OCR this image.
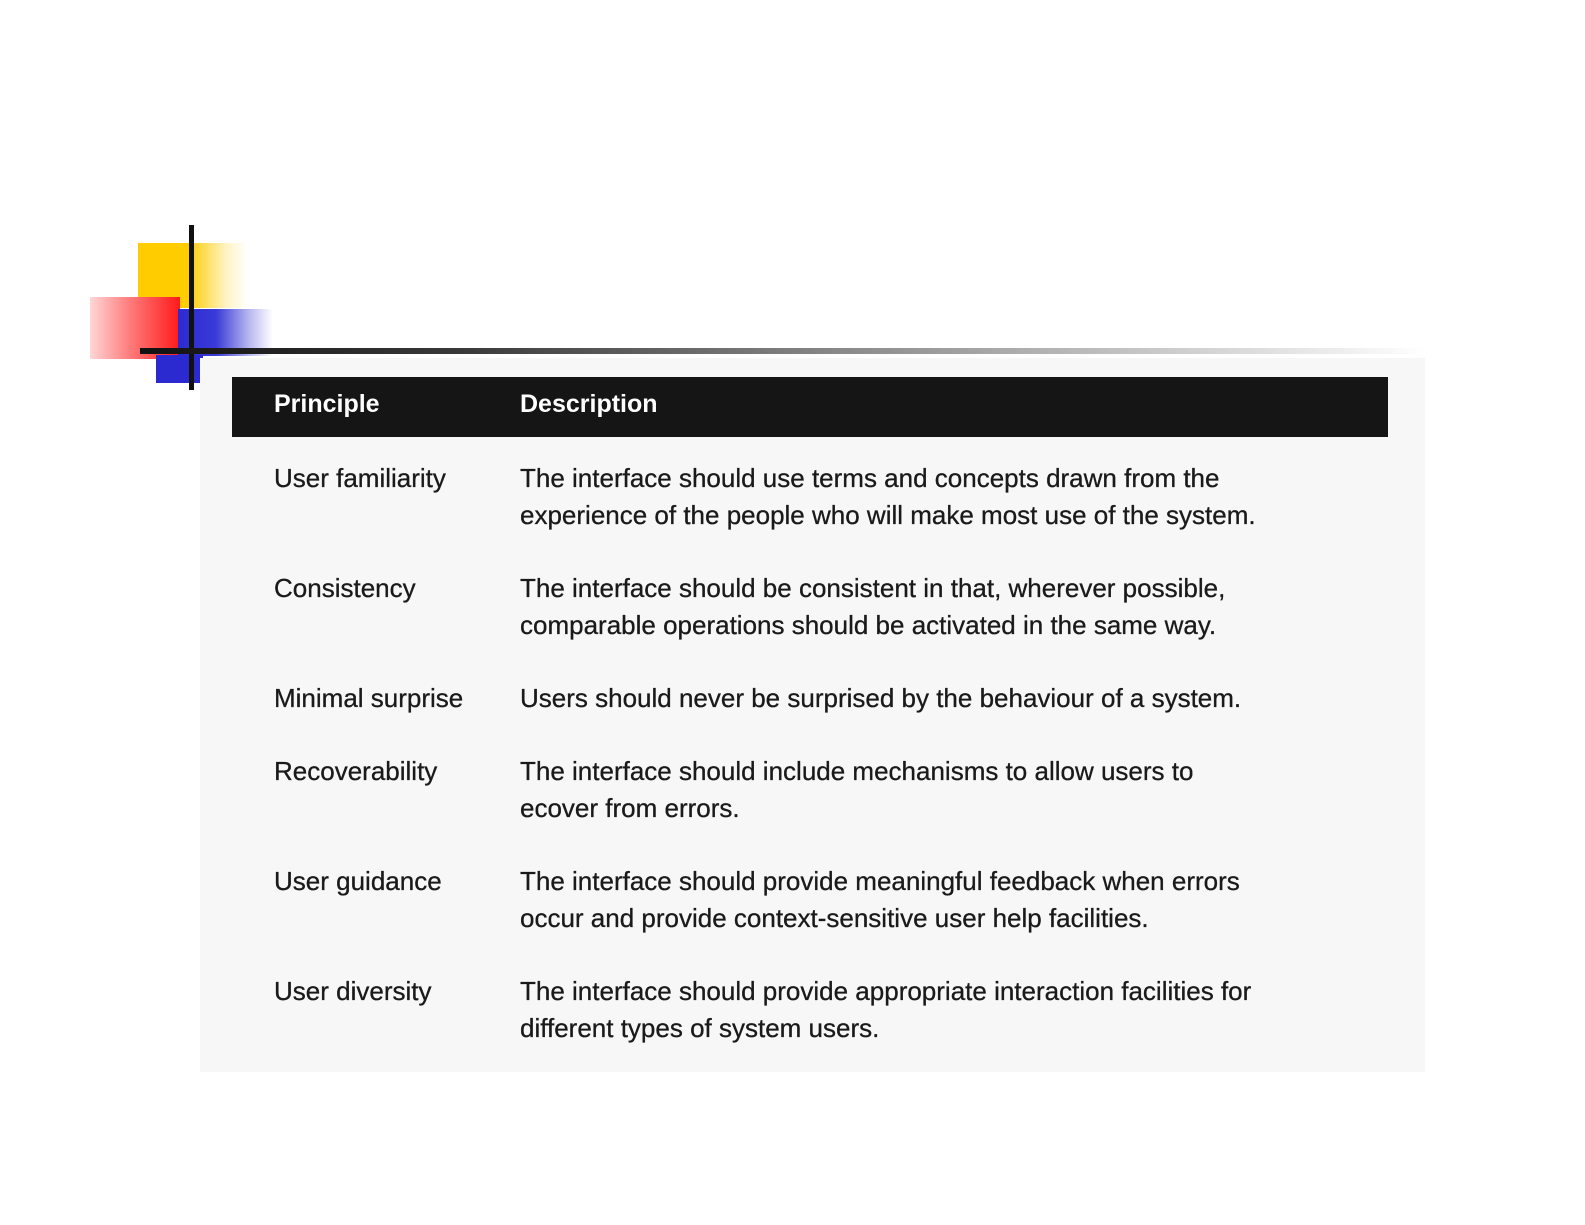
Principle	Description
User familiarity	The interface should use terms and concepts drawn from the
experience of the people who will make most use of the system.
Consistency	The interface should be consistent in that, wherever possible,
comparable operations should be activated in the same way.
Minimal surprise	Users should never be surprised by the behaviour of a system.
Recoverability	The interface should include mechanisms to allow users to
ecover from errors.
User guidance	The interface should provide meaningful feedback when errors
occur and provide context-sensitive user help facilities.
User diversity	The interface should provide appropriate interaction facilities for
different types of system users.
